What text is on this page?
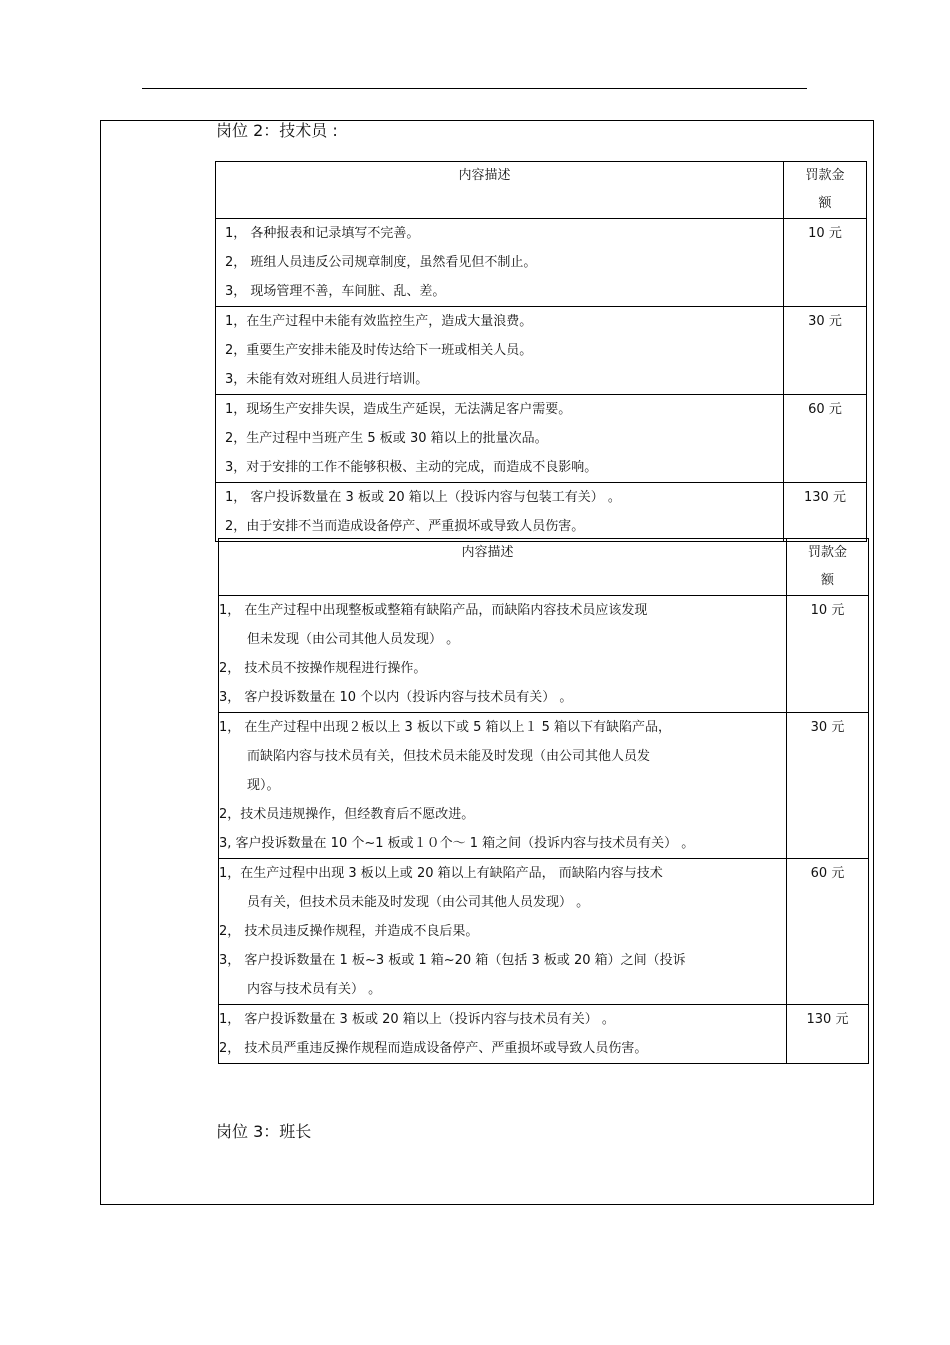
岗位 2：技术员 :
内容描述	罚款金
额

1， 各种报表和记录填写不完善。
2， 班组人员违反公司规章制度，虽然看见但不制止。
3， 现场管理不善，车间脏、乱、差。	10 元

1，在生产过程中未能有效监控生产，造成大量浪费。
2，重要生产安排未能及时传达给下一班或相关人员。
3，未能有效对班组人员进行培训。	30 元

1，现场生产安排失误，造成生产延误，无法满足客户需要。
2，生产过程中当班产生 5 板或 30 箱以上的批量次品。
3，对于安排的工作不能够积极、主动的完成，而造成不良影响。	60 元

1， 客户投诉数量在 3 板或 20 箱以上（投诉内容与包装工有关） 。
2，由于安排不当而造成设备停产、严重损坏或导致人员伤害。	130 元
内容描述	罚款金
额

1， 在生产过程中出现整板或整箱有缺陷产品，而缺陷内容技术员应该发现
但未发现（由公司其他人员发现） 。
2， 技术员不按操作规程进行操作。
3， 客户投诉数量在 10 个以内（投诉内容与技术员有关） 。	10 元

1， 在生产过程中出现２板以上 3 板以下或 5 箱以上１ 5 箱以下有缺陷产品，
而缺陷内容与技术员有关，但技术员未能及时发现（由公司其他人员发
现）。
2，技术员违规操作，但经教育后不愿改进。
3, 客户投诉数量在 10 个~1 板或１０个～ 1 箱之间（投诉内容与技术员有关） 。	30 元

1，在生产过程中出现 3 板以上或 20 箱以上有缺陷产品， 而缺陷内容与技术
员有关，但技术员未能及时发现（由公司其他人员发现） 。
2， 技术员违反操作规程，并造成不良后果。
3， 客户投诉数量在 1 板~3 板或 1 箱~20 箱（包括 3 板或 20 箱）之间（投诉
内容与技术员有关） 。	60 元

1， 客户投诉数量在 3 板或 20 箱以上（投诉内容与技术员有关） 。
2， 技术员严重违反操作规程而造成设备停产、严重损坏或导致人员伤害。	130 元
岗位 3：班长
